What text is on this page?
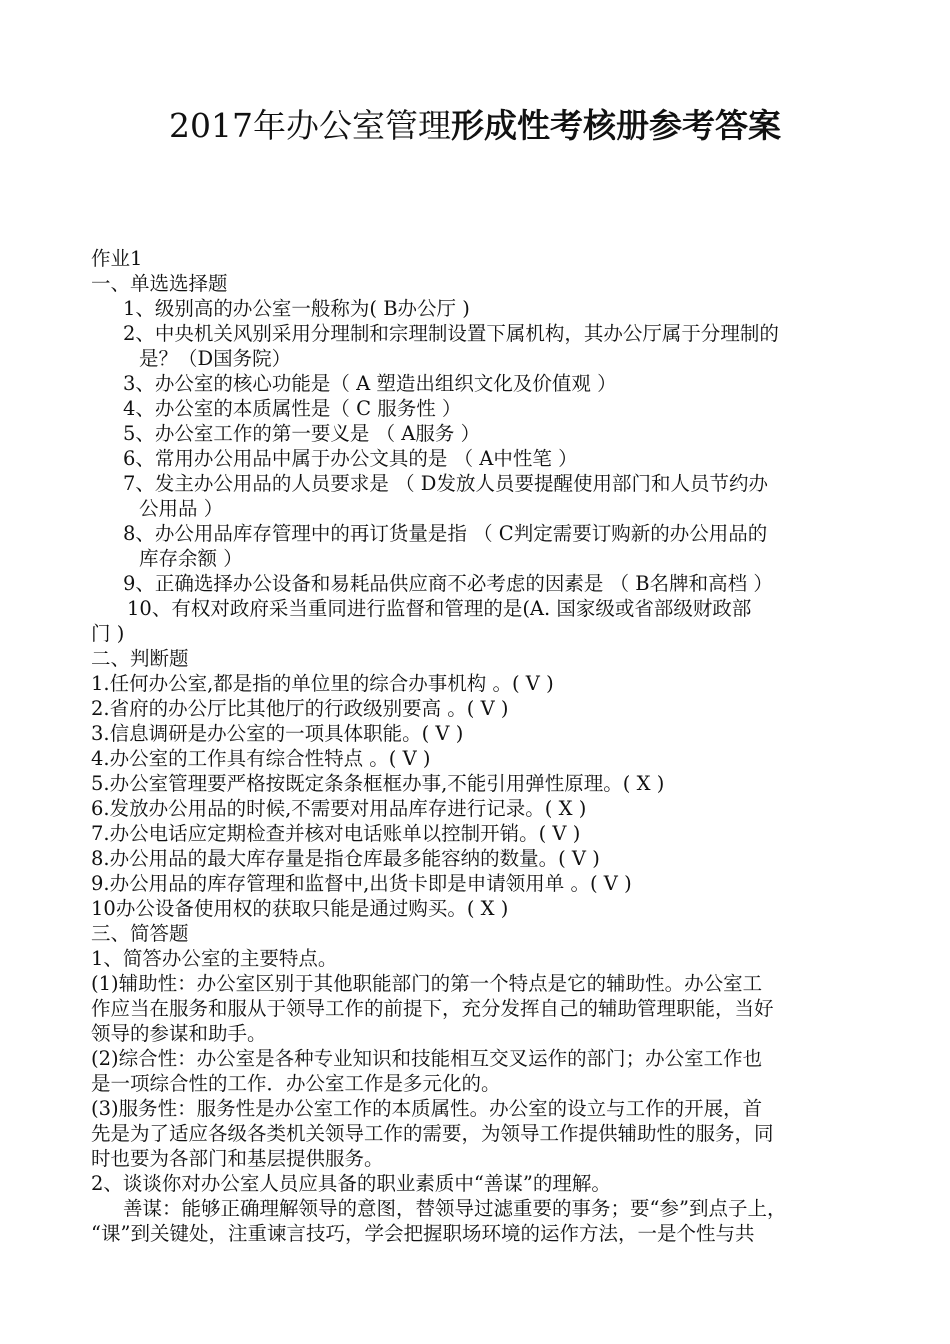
2017年办公室管理形成性考核册参考答案
作业1
一、单选选择题
1、级别高的办公室一般称为( B办公厅 )
2、中央机关风别采用分理制和宗理制设置下属机构，其办公厅属于分理制的
是？（D国务院）
3、办公室的核心功能是（ A 塑造出组织文化及价值观 ）
4、办公室的本质属性是（ C 服务性 ）
5、办公室工作的第一要义是 （ A服务 ）
6、常用办公用品中属于办公文具的是 （ A中性笔 ）
7、发主办公用品的人员要求是 （ D发放人员要提醒使用部门和人员节约办
公用品 ）
8、办公用品库存管理中的再订货量是指 （ C判定需要订购新的办公用品的
库存余额 ）
9、正确选择办公设备和易耗品供应商不必考虑的因素是 （ B名牌和高档 ）
10、有权对政府采当重同进行监督和管理的是(A. 国家级或省部级财政部
门 )
二、判断题
1.任何办公室,都是指的单位里的综合办事机构 。( V )
2.省府的办公厅比其他厅的行政级别要高 。( V )
3.信息调研是办公室的一项具体职能。( V )
4.办公室的工作具有综合性特点 。( V )
5.办公室管理要严格按既定条条框框办事,不能引用弹性原理。( X )
6.发放办公用品的时候,不需要对用品库存进行记录。( X )
7.办公电话应定期检查并核对电话账单以控制开销。( V )
8.办公用品的最大库存量是指仓库最多能容纳的数量。( V )
9.办公用品的库存管理和监督中,出货卡即是申请领用单 。( V )
10办公设备使用权的获取只能是通过购买。( X )
三、简答题
1、简答办公室的主要特点。
(1)辅助性：办公室区别于其他职能部门的第一个特点是它的辅助性。办公室工
作应当在服务和服从于领导工作的前提下，充分发挥自己的辅助管理职能，当好
领导的参谋和助手。
(2)综合性：办公室是各种专业知识和技能相互交叉运作的部门；办公室工作也
是一项综合性的工作．办公室工作是多元化的。
(3)服务性：服务性是办公室工作的本质属性。办公室的设立与工作的开展，首
先是为了适应各级各类机关领导工作的需要，为领导工作提供辅助性的服务，同
时也要为各部门和基层提供服务。
2、谈谈你对办公室人员应具备的职业素质中“善谋”的理解。
善谋：能够正确理解领导的意图，替领导过滤重要的事务；要“参”到点子上，
“课”到关键处，注重谏言技巧，学会把握职场环境的运作方法，一是个性与共
